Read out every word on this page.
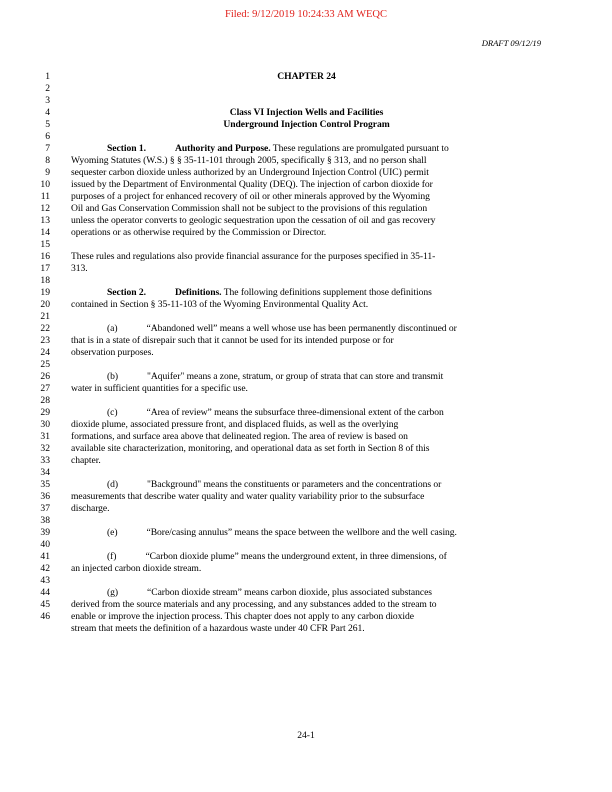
Filed: 9/12/2019 10:24:33 AM WEQC
DRAFT 09/12/19
1
2
3
4
5
6
7
8
9
10
11
12
13
14
15
16
17
18
19
20
21
22
23
24
25
26
27
28
29
30
31
32
33
34
35
36
37
38
39
40
41
42
43
44
45
46
CHAPTER 24
Class VI Injection Wells and Facilities
Underground Injection Control Program
Section 1.	Authority and Purpose. These regulations are promulgated pursuant to
Wyoming Statutes (W.S.) § § 35-11-101 through 2005, specifically § 313, and no person shall
sequester carbon dioxide unless authorized by an Underground Injection Control (UIC) permit
issued by the Department of Environmental Quality (DEQ). The injection of carbon dioxide for
purposes of a project for enhanced recovery of oil or other minerals approved by the Wyoming
Oil and Gas Conservation Commission shall not be subject to the provisions of this regulation
unless the operator converts to geologic sequestration upon the cessation of oil and gas recovery
operations or as otherwise required by the Commission or Director.
These rules and regulations also provide financial assurance for the purposes specified in 35-11-
313.
Section 2.	Definitions. The following definitions supplement those definitions
contained in Section § 35-11-103 of the Wyoming Environmental Quality Act.
(a)	“Abandoned well” means a well whose use has been permanently discontinued or
that is in a state of disrepair such that it cannot be used for its intended purpose or for
observation purposes.
(b)	"Aquifer" means a zone, stratum, or group of strata that can store and transmit
water in sufficient quantities for a specific use.
(c)	“Area of review” means the subsurface three-dimensional extent of the carbon
dioxide plume, associated pressure front, and displaced fluids, as well as the overlying
formations, and surface area above that delineated region. The area of review is based on
available site characterization, monitoring, and operational data as set forth in Section 8 of this
chapter.
(d)	"Background" means the constituents or parameters and the concentrations or
measurements that describe water quality and water quality variability prior to the subsurface
discharge.
(e)	“Bore/casing annulus” means the space between the wellbore and the well casing.
(f)	“Carbon dioxide plume” means the underground extent, in three dimensions, of
an injected carbon dioxide stream.
(g)	“Carbon dioxide stream” means carbon dioxide, plus associated substances
derived from the source materials and any processing, and any substances added to the stream to
enable or improve the injection process. This chapter does not apply to any carbon dioxide
stream that meets the definition of a hazardous waste under 40 CFR Part 261.
24-1
